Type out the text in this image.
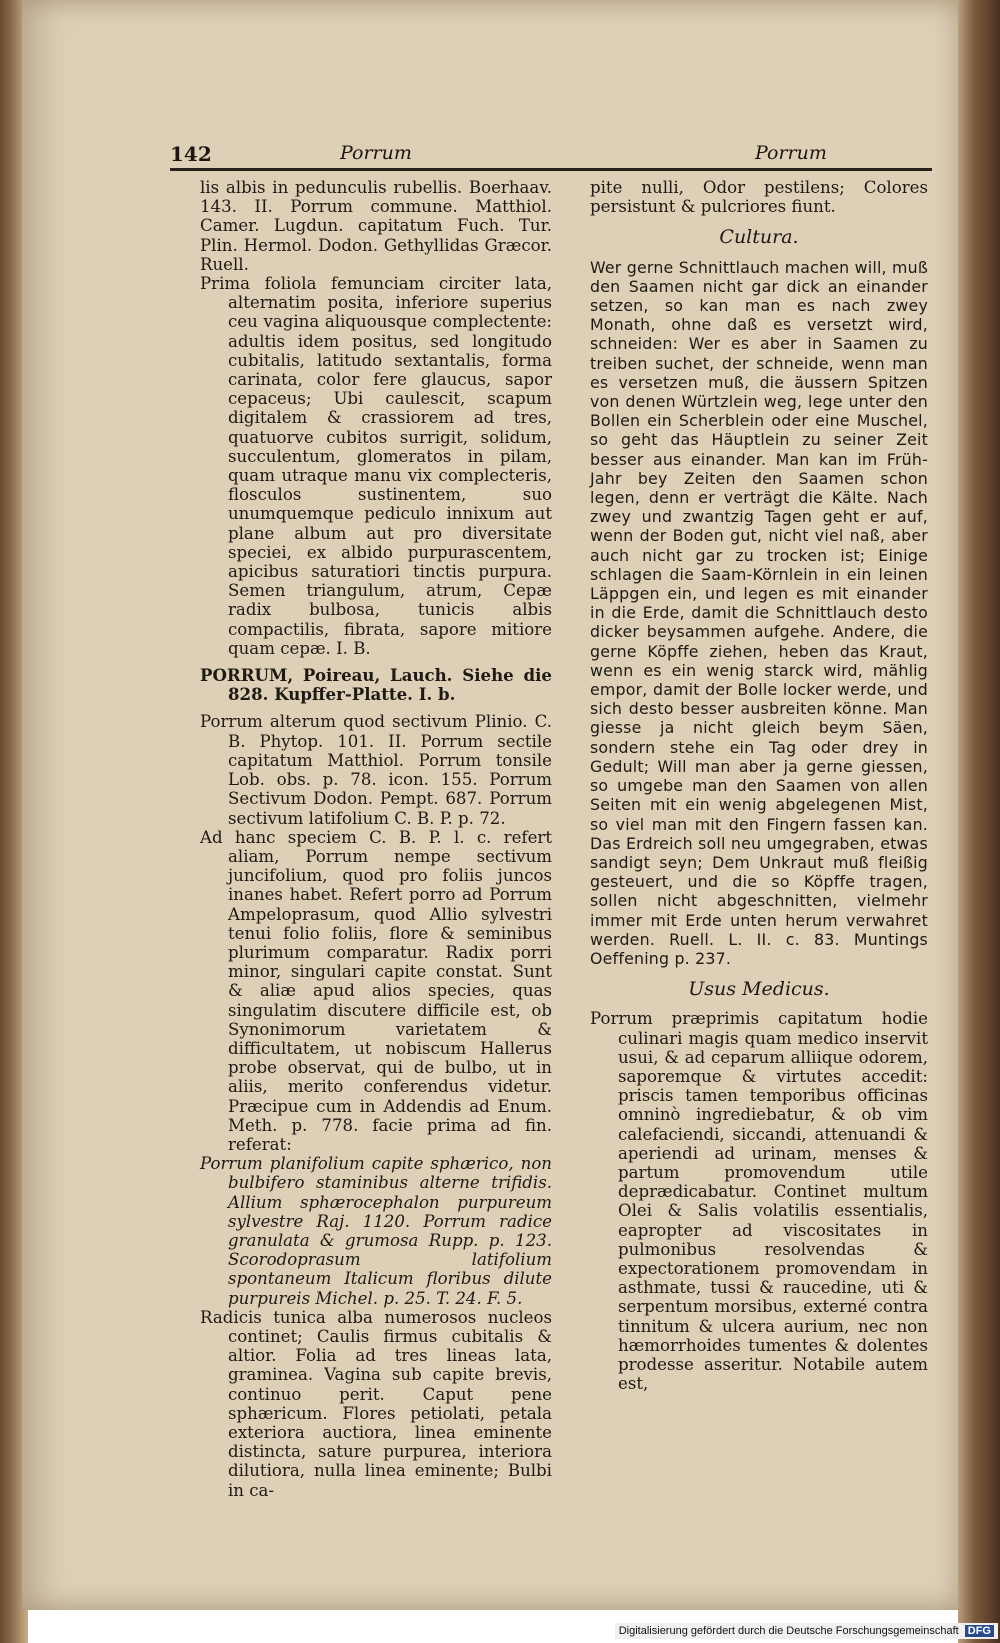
142	Porrum	Porrum

lis albis in pedunculis rubellis. Boerhaav. 143. II. Porrum commune. Matthiol. Camer. Lugdun. capitatum Fuch. Tur. Plin. Hermol. Dodon. Gethyllidas Græcor. Ruell.

Prima foliola femunciam circiter lata, alternatim posita, inferiore superius ceu vagina aliquousque complectente: adultis idem positus, sed longitudo cubitalis, latitudo sextantalis, forma carinata, color fere glaucus, sapor cepaceus; Ubi caulescit, scapum digitalem & crassiorem ad tres, quatuorve cubitos surrigit, solidum, succulentum, glomeratos in pilam, quam utraque manu vix complecteris, flosculos sustinentem, suo unumquemque pediculo innixum aut plane album aut pro diversitate speciei, ex albido purpurascentem, apicibus saturatiori tinctis purpura. Semen triangulum, atrum, Cepæ radix bulbosa, tunicis albis compactilis, fibrata, sapore mitiore quam cepæ. I. B.

PORRUM, Poireau, Lauch. Siehe die 828. Kupffer-Platte. I. b.

Porrum alterum quod sectivum Plinio. C. B. Phytop. 101. II. Porrum sectile capitatum Matthiol. Porrum tonsile Lob. obs. p. 78. icon. 155. Porrum Sectivum Dodon. Pempt. 687. Porrum sectivum latifolium C. B. P. p. 72.

Ad hanc speciem C. B. P. l. c. refert aliam, Porrum nempe sectivum juncifolium, quod pro foliis juncos inanes habet. Refert porro ad Porrum Ampeloprasum, quod Allio sylvestri tenui folio foliis, flore & seminibus plurimum comparatur. Radix porri minor, singulari capite constat. Sunt & aliæ apud alios species, quas singulatim discutere difficile est, ob Synonimorum varietatem & difficultatem, ut nobiscum Hallerus probe observat, qui de bulbo, ut in aliis, merito conferendus videtur. Præcipue cum in Addendis ad Enum. Meth. p. 778. facie prima ad fin. referat:

Porrum planifolium capite sphærico, non bulbifero staminibus alterne trifidis. Allium sphærocephalon purpureum sylvestre Raj. 1120. Porrum radice granulata & grumosa Rupp. p. 123. Scorodoprasum latifolium spontaneum Italicum floribus dilute purpureis Michel. p. 25. T. 24. F. 5.

Radicis tunica alba numerosos nucleos continet; Caulis firmus cubitalis & altior. Folia ad tres lineas lata, graminea. Vagina sub capite brevis, continuo perit. Caput pene sphæricum. Flores petiolati, petala exteriora auctiora, linea eminente distincta, sature purpurea, interiora dilutiora, nulla linea eminente; Bulbi in ca-

pite nulli, Odor pestilens; Colores persistunt & pulcriores fiunt.

Cultura.

Wer gerne Schnittlauch machen will, muß den Saamen nicht gar dick an einander setzen, so kan man es nach zwey Monath, ohne daß es versetzt wird, schneiden: Wer es aber in Saamen zu treiben suchet, der schneide, wenn man es versetzen muß, die äussern Spitzen von denen Würtzlein weg, lege unter den Bollen ein Scherblein oder eine Muschel, so geht das Häuptlein zu seiner Zeit besser aus einander. Man kan im Früh-Jahr bey Zeiten den Saamen schon legen, denn er verträgt die Kälte. Nach zwey und zwantzig Tagen geht er auf, wenn der Boden gut, nicht viel naß, aber auch nicht gar zu trocken ist; Einige schlagen die Saam-Körnlein in ein leinen Läppgen ein, und legen es mit einander in die Erde, damit die Schnittlauch desto dicker beysammen aufgehe. Andere, die gerne Köpffe ziehen, heben das Kraut, wenn es ein wenig starck wird, mählig empor, damit der Bolle locker werde, und sich desto besser ausbreiten könne. Man giesse ja nicht gleich beym Säen, sondern stehe ein Tag oder drey in Gedult; Will man aber ja gerne giessen, so umgebe man den Saamen von allen Seiten mit ein wenig abgelegenen Mist, so viel man mit den Fingern fassen kan. Das Erdreich soll neu umgegraben, etwas sandigt seyn; Dem Unkraut muß fleißig gesteuert, und die so Köpffe tragen, sollen nicht abgeschnitten, vielmehr immer mit Erde unten herum verwahret werden. Ruell. L. II. c. 83. Muntings Oeffening p. 237.

Usus Medicus.

Porrum præprimis capitatum hodie culinari magis quam medico inservit usui, & ad ceparum alliique odorem, saporemque & virtutes accedit: priscis tamen temporibus officinas omninò ingrediebatur, & ob vim calefaciendi, siccandi, attenuandi & aperiendi ad urinam, menses & partum promovendum utile deprædicabatur. Continet multum Olei & Salis volatilis essentialis, eapropter ad viscositates in pulmonibus resolvendas & expectorationem promovendam in asthmate, tussi & raucedine, uti & serpentum morsibus, externé contra tinnitum & ulcera aurium, nec non hæmorrhoides tumentes & dolentes prodesse asseritur. Notabile autem est,

Digitalisierung gefördert durch die Deutsche Forschungsgemeinschaft DFG
